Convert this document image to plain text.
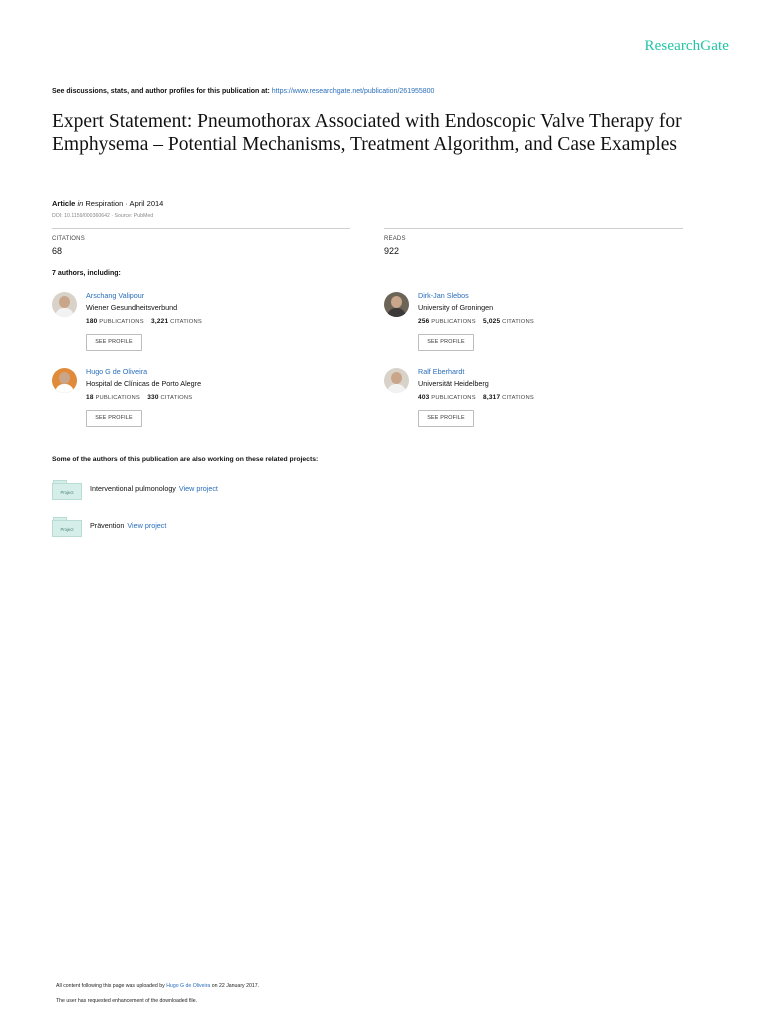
ResearchGate
See discussions, stats, and author profiles for this publication at: https://www.researchgate.net/publication/261955800
Expert Statement: Pneumothorax Associated with Endoscopic Valve Therapy for Emphysema – Potential Mechanisms, Treatment Algorithm, and Case Examples
Article in Respiration · April 2014
DOI: 10.1159/000360642 · Source: PubMed
CITATIONS
68
READS
922
7 authors, including:
Arschang Valipour
Wiener Gesundheitsverbund
180 PUBLICATIONS 3,221 CITATIONS
SEE PROFILE
Dirk-Jan Slebos
University of Groningen
256 PUBLICATIONS 5,025 CITATIONS
SEE PROFILE
Hugo G de Oliveira
Hospital de Clínicas de Porto Alegre
18 PUBLICATIONS 330 CITATIONS
SEE PROFILE
Ralf Eberhardt
Universität Heidelberg
403 PUBLICATIONS 8,317 CITATIONS
SEE PROFILE
Some of the authors of this publication are also working on these related projects:
Project	Interventional pulmonology View project
Project	Prävention View project
All content following this page was uploaded by Hugo G de Oliveira on 22 January 2017.
The user has requested enhancement of the downloaded file.
